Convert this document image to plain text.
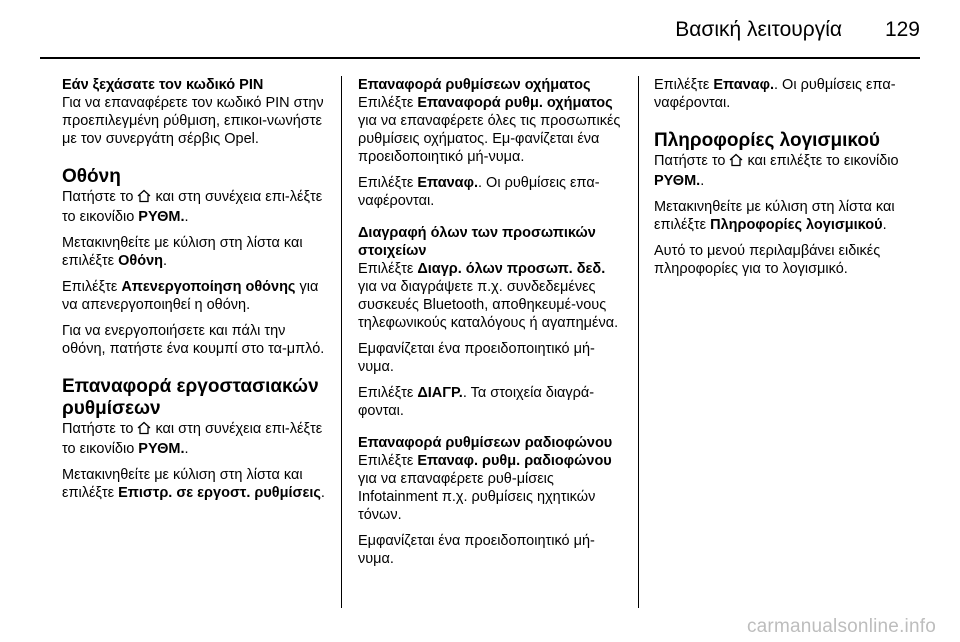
Βασική λειτουργία 129

Εάν ξεχάσατε τον κωδικό PIN

Για να επαναφέρετε τον κωδικό PIN στην προεπιλεγμένη ρύθμιση, επικοι-νωνήστε με τον συνεργάτη σέρβις Opel.

Οθόνη

Πατήστε το  και στη συνέχεια επι-λέξτε το εικονίδιο ΡΥΘΜ..

Μετακινηθείτε με κύλιση στη λίστα και επιλέξτε Οθόνη.

Επιλέξτε Απενεργοποίηση οθόνης για να απενεργοποιηθεί η οθόνη.

Για να ενεργοποιήσετε και πάλι την οθόνη, πατήστε ένα κουμπί στο τα-μπλό.

Επαναφορά εργοστασιακών ρυθμίσεων

Πατήστε το  και στη συνέχεια επι-λέξτε το εικονίδιο ΡΥΘΜ..

Μετακινηθείτε με κύλιση στη λίστα και επιλέξτε Επιστρ. σε εργοστ. ρυθμίσεις.

Επαναφορά ρυθμίσεων οχήματος

Επιλέξτε Επαναφορά ρυθμ. οχήματος για να επαναφέρετε όλες τις προσωπικές ρυθμίσεις οχήματος. Εμ-φανίζεται ένα προειδοποιητικό μή-νυμα.

Επιλέξτε Επαναφ.. Οι ρυθμίσεις επα-ναφέρονται.

Διαγραφή όλων των προσωπικών στοιχείων

Επιλέξτε Διαγρ. όλων προσωπ. δεδ. για να διαγράψετε π.χ. συνδεδεμένες συσκευές Bluetooth, αποθηκευμέ-νους τηλεφωνικούς καταλόγους ή αγαπημένα.

Εμφανίζεται ένα προειδοποιητικό μή-νυμα.

Επιλέξτε ΔΙΑΓΡ.. Τα στοιχεία διαγρά-φονται.

Επαναφορά ρυθμίσεων ραδιοφώνου

Επιλέξτε Επαναφ. ρυθμ. ραδιοφώνου για να επαναφέρετε ρυθ-μίσεις Infotainment π.χ. ρυθμίσεις ηχητικών τόνων.

Εμφανίζεται ένα προειδοποιητικό μή-νυμα.

Επιλέξτε Επαναφ.. Οι ρυθμίσεις επα-ναφέρονται.

Πληροφορίες λογισμικού

Πατήστε το  και επιλέξτε το εικονίδιο ΡΥΘΜ..

Μετακινηθείτε με κύλιση στη λίστα και επιλέξτε Πληροφορίες λογισμικού.

Αυτό το μενού περιλαμβάνει ειδικές πληροφορίες για το λογισμικό.

carmanualsonline.info
